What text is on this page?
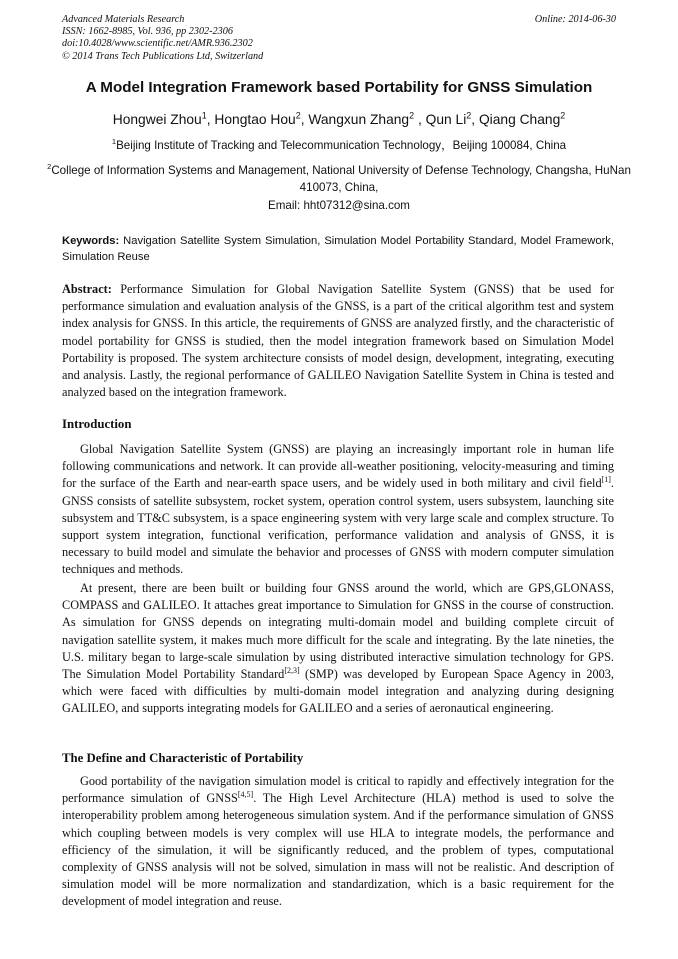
Advanced Materials Research
ISSN: 1662-8985, Vol. 936, pp 2302-2306
doi:10.4028/www.scientific.net/AMR.936.2302
© 2014 Trans Tech Publications Ltd, Switzerland
Online: 2014-06-30
A Model Integration Framework based Portability for GNSS Simulation
Hongwei Zhou$^1$, Hongtao Hou$^2$, Wangxun Zhang$^2$ , Qun Li$^2$, Qiang Chang$^2$
$^1$Beijing Institute of Tracking and Telecommunication Technology，Beijing 100084, China
$^2$College of Information Systems and Management, National University of Defense Technology, Changsha, HuNan 410073, China,
Email: hht07312@sina.com
Keywords: Navigation Satellite System Simulation, Simulation Model Portability Standard, Model Framework, Simulation Reuse
Abstract: Performance Simulation for Global Navigation Satellite System (GNSS) that be used for performance simulation and evaluation analysis of the GNSS, is a part of the critical algorithm test and system index analysis for GNSS. In this article, the requirements of GNSS are analyzed firstly, and the characteristic of model portability for GNSS is studied, then the model integration framework based on Simulation Model Portability is proposed. The system architecture consists of model design, development, integrating, executing and analysis. Lastly, the regional performance of GALILEO Navigation Satellite System in China is tested and analyzed based on the integration framework.
Introduction

Global Navigation Satellite System (GNSS) are playing an increasingly important role in human life following communications and network. It can provide all-weather positioning, velocity-measuring and timing for the surface of the Earth and near-earth space users, and be widely used in both military and civil field[1]. GNSS consists of satellite subsystem, rocket system, operation control system, users subsystem, launching site subsystem and TT&C subsystem, is a space engineering system with very large scale and complex structure. To support system integration, functional verification, performance validation and analysis of GNSS, it is necessary to build model and simulate the behavior and processes of GNSS with modern computer simulation techniques and methods.

At present, there are been built or building four GNSS around the world, which are GPS,GLONASS, COMPASS and GALILEO. It attaches great importance to Simulation for GNSS in the course of construction. As simulation for GNSS depends on integrating multi-domain model and building complete circuit of navigation satellite system, it makes much more difficult for the scale and integrating. By the late nineties, the U.S. military began to large-scale simulation by using distributed interactive simulation technology for GPS. The Simulation Model Portability Standard[2,3] (SMP) was developed by European Space Agency in 2003, which were faced with difficulties by multi-domain model integration and analyzing during designing GALILEO, and supports integrating models for GALILEO and a series of aeronautical engineering.

The Define and Characteristic of Portability

Good portability of the navigation simulation model is critical to rapidly and effectively integration for the performance simulation of GNSS[4,5]. The High Level Architecture (HLA) method is used to solve the interoperability problem among heterogeneous simulation system. And if the performance simulation of GNSS which coupling between models is very complex will use HLA to integrate models, the performance and efficiency of the simulation, it will be significantly reduced, and the problem of types, computational complexity of GNSS analysis will not be solved, simulation in mass will not be realistic. And description of simulation model will be more normalization and standardization, which is a basic requirement for the development of model integration and reuse.
